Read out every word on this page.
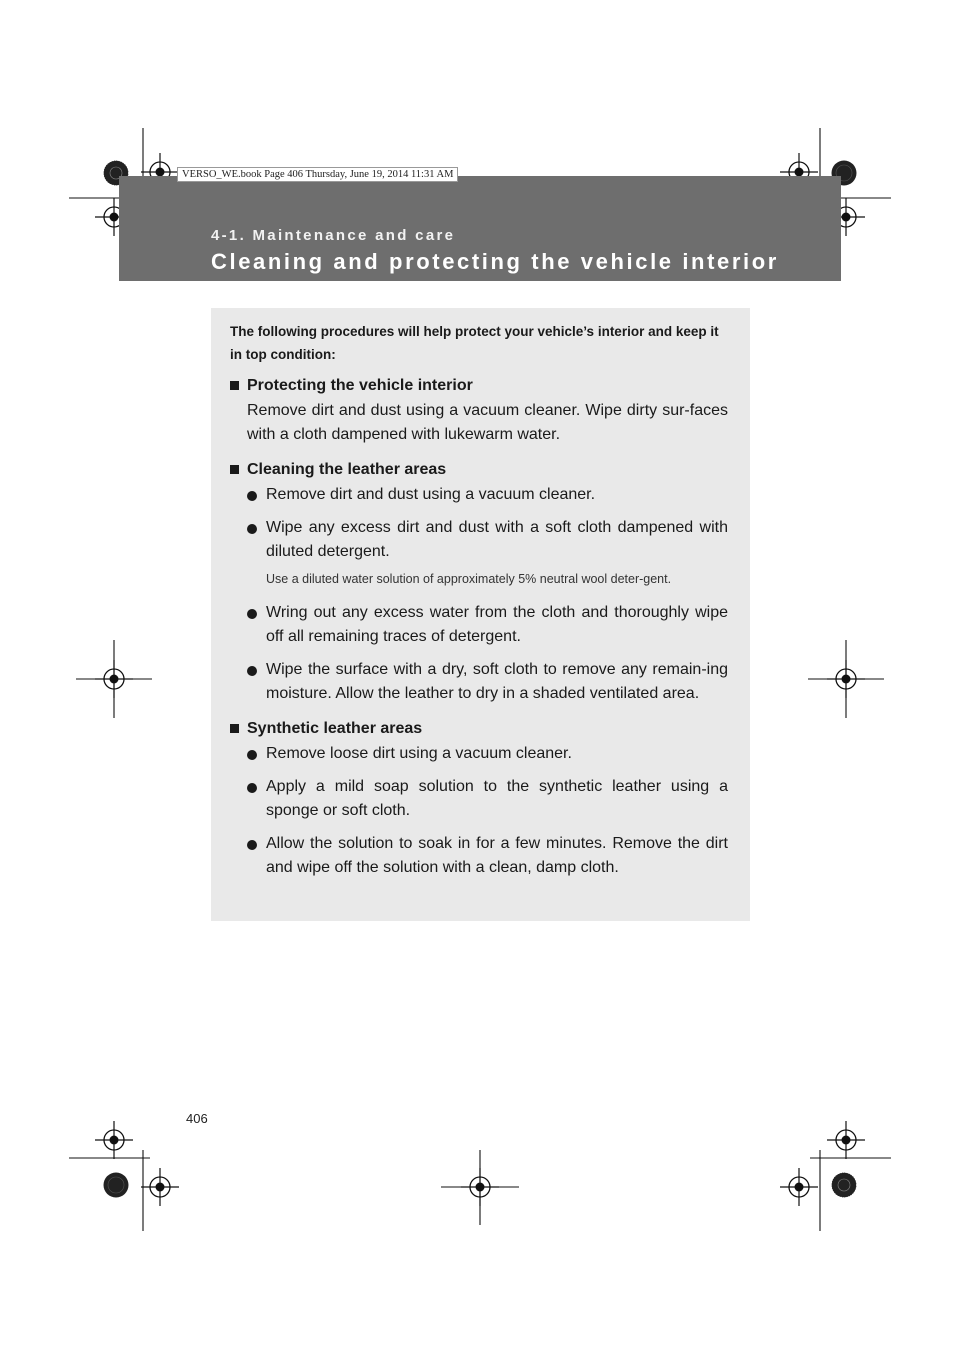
4-1. Maintenance and care
Cleaning and protecting the vehicle interior
VERSO_WE.book Page 406 Thursday, June 19, 2014 11:31 AM

The following procedures will help protect your vehicle’s interior and keep it in top condition:

Protecting the vehicle interior

Remove dirt and dust using a vacuum cleaner. Wipe dirty sur-faces with a cloth dampened with lukewarm water.

Cleaning the leather areas
Remove dirt and dust using a vacuum cleaner.
Wipe any excess dirt and dust with a soft cloth dampened with diluted detergent.

Use a diluted water solution of approximately 5% neutral wool deter-gent.

Wring out any excess water from the cloth and thoroughly wipe off all remaining traces of detergent.
Wipe the surface with a dry, soft cloth to remove any remain-ing moisture. Allow the leather to dry in a shaded ventilated area.
Synthetic leather areas
Remove loose dirt using a vacuum cleaner.
Apply a mild soap solution to the synthetic leather using a sponge or soft cloth.
Allow the solution to soak in for a few minutes. Remove the dirt and wipe off the solution with a clean, damp cloth.
406
